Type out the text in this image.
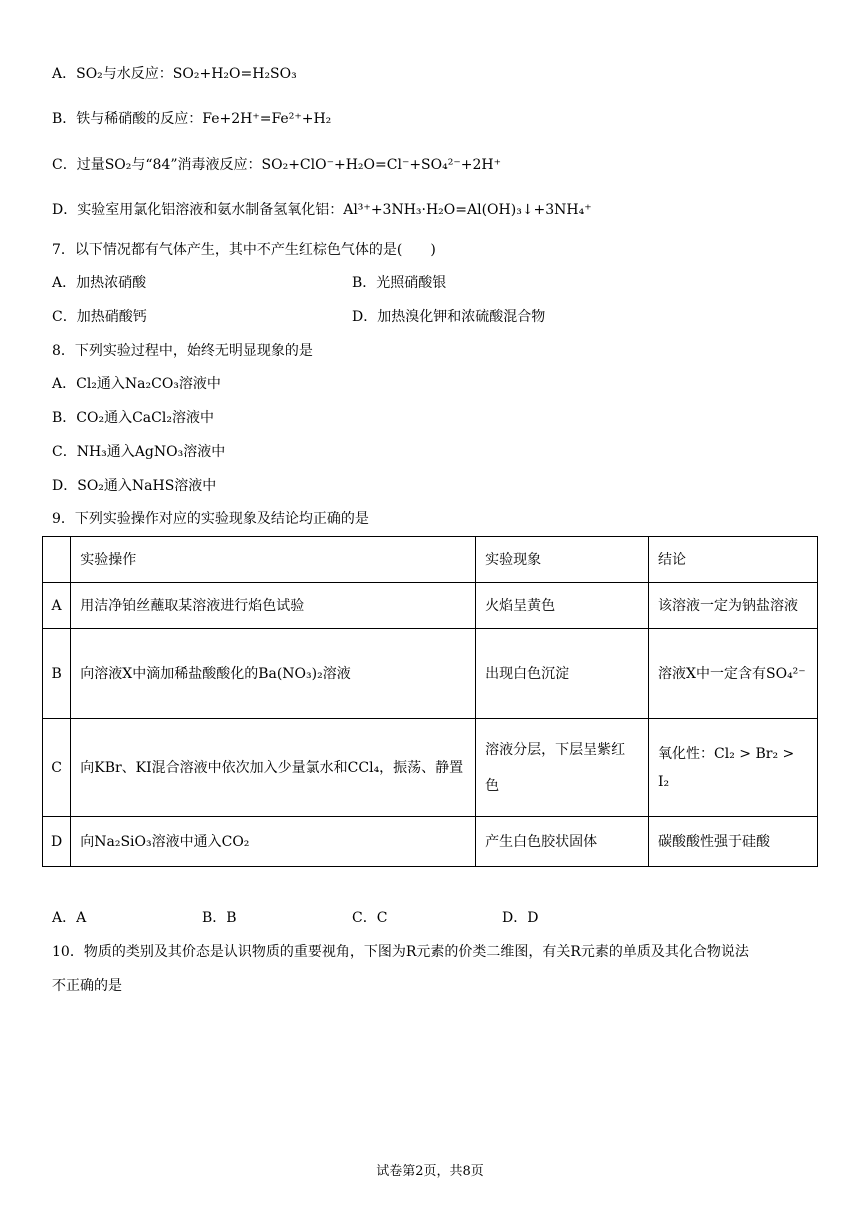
A．SO₂与水反应：SO₂+H₂O=H₂SO₃
B．铁与稀硝酸的反应：Fe+2H⁺=Fe²⁺+H₂
C．过量SO₂与“84”消毒液反应：SO₂+ClO⁻+H₂O=Cl⁻+SO₄²⁻+2H⁺
D．实验室用氯化铝溶液和氨水制备氢氧化铝：Al³⁺+3NH₃·H₂O=Al(OH)₃↓+3NH₄⁺
7．以下情况都有气体产生，其中不产生红棕色气体的是(　　)
A．加热浓硝酸	B．光照硝酸银
C．加热硝酸钙	D．加热溴化钾和浓硫酸混合物
8．下列实验过程中，始终无明显现象的是
A．Cl₂通入Na₂CO₃溶液中
B．CO₂通入CaCl₂溶液中
C．NH₃通入AgNO₃溶液中
D．SO₂通入NaHS溶液中
9．下列实验操作对应的实验现象及结论均正确的是
	实验操作	实验现象	结论
A	用洁净铂丝蘸取某溶液进行焰色试验	火焰呈黄色	该溶液一定为钠盐溶液
B	向溶液X中滴加稀盐酸酸化的Ba(NO₃)₂溶液	出现白色沉淀	溶液X中一定含有SO₄²⁻
C	向KBr、KI混合溶液中依次加入少量氯水和CCl₄，振荡、静置	溶液分层，下层呈紫红色	氧化性：Cl₂ > Br₂ > I₂
D	向Na₂SiO₃溶液中通入CO₂	产生白色胶状固体	碳酸酸性强于硅酸
A．A	B．B	C．C	D．D
10．物质的类别及其价态是认识物质的重要视角，下图为R元素的价类二维图，有关R元素的单质及其化合物说法
不正确的是
试卷第2页，共8页
